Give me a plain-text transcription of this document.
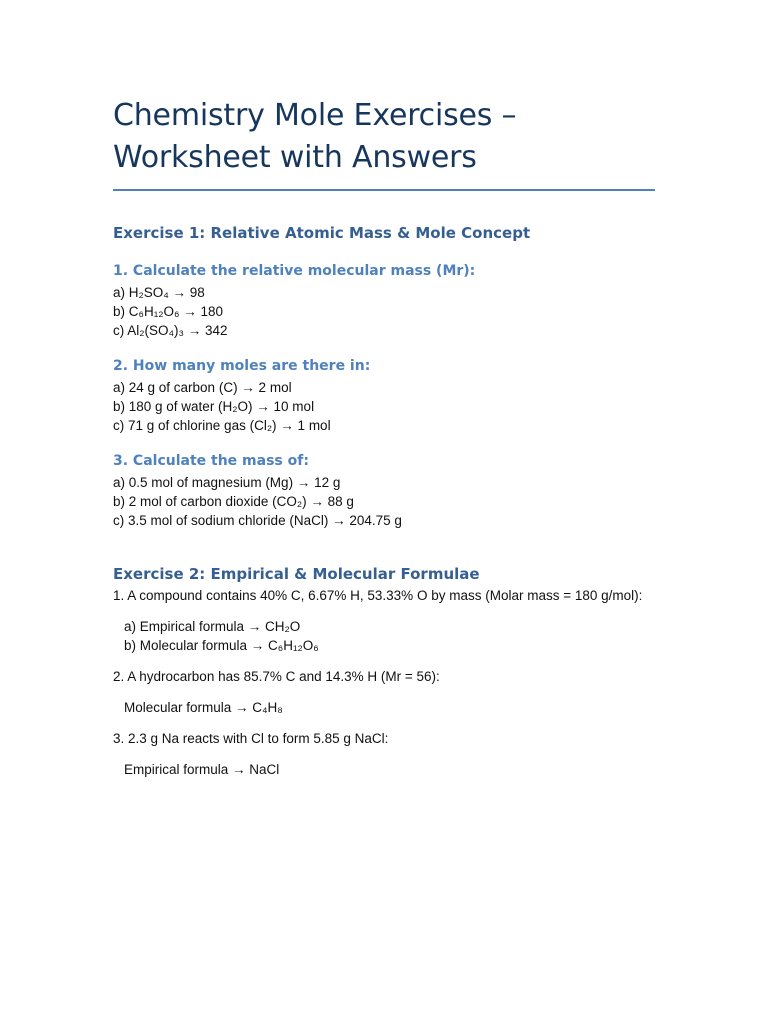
Chemistry Mole Exercises – Worksheet with Answers
Exercise 1: Relative Atomic Mass & Mole Concept
1. Calculate the relative molecular mass (Mr):

a) H₂SO₄ → 98

b) C₆H₁₂O₆ → 180

c) Al₂(SO₄)₃ → 342

2. How many moles are there in:

a) 24 g of carbon (C) → 2 mol

b) 180 g of water (H₂O) → 10 mol

c) 71 g of chlorine gas (Cl₂) → 1 mol

3. Calculate the mass of:

a) 0.5 mol of magnesium (Mg) → 12 g

b) 2 mol of carbon dioxide (CO₂) → 88 g

c) 3.5 mol of sodium chloride (NaCl) → 204.75 g

Exercise 2: Empirical & Molecular Formulae

1. A compound contains 40% C, 6.67% H, 53.33% O by mass (Molar mass = 180 g/mol):

a) Empirical formula → CH₂O

b) Molecular formula → C₆H₁₂O₆

2. A hydrocarbon has 85.7% C and 14.3% H (Mr = 56):

Molecular formula → C₄H₈

3. 2.3 g Na reacts with Cl to form 5.85 g NaCl:

Empirical formula → NaCl
